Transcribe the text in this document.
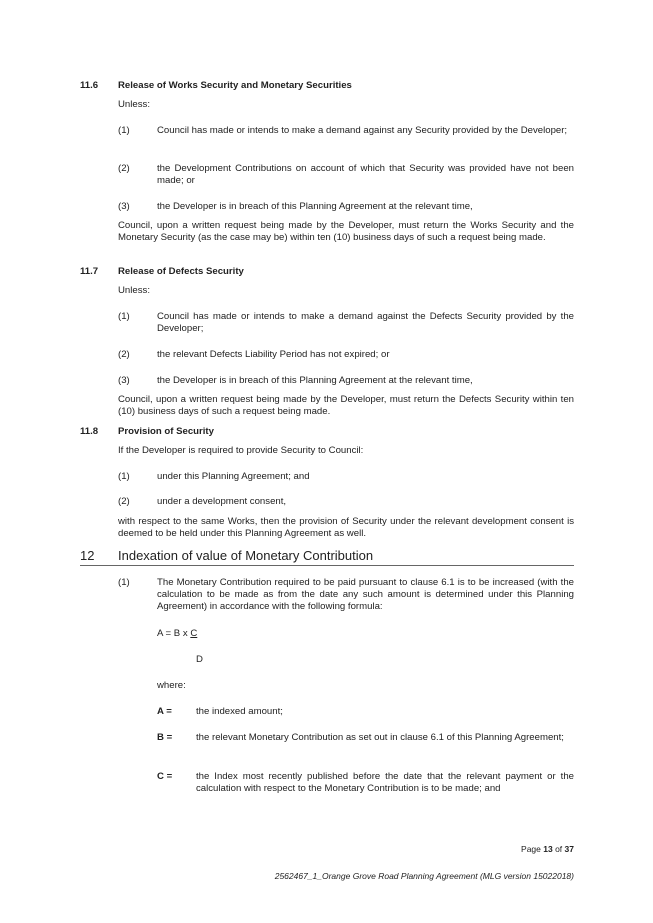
11.6 Release of Works Security and Monetary Securities
Unless:
(1)	Council has made or intends to make a demand against any Security provided by the Developer;
(2)	the Development Contributions on account of which that Security was provided have not been made; or
(3)	the Developer is in breach of this Planning Agreement at the relevant time,
Council, upon a written request being made by the Developer, must return the Works Security and the Monetary Security (as the case may be) within ten (10) business days of such a request being made.
11.7 Release of Defects Security
Unless:
(1)	Council has made or intends to make a demand against the Defects Security provided by the Developer;
(2)	the relevant Defects Liability Period has not expired; or
(3)	the Developer is in breach of this Planning Agreement at the relevant time,
Council, upon a written request being made by the Developer, must return the Defects Security within ten (10) business days of such a request being made.
11.8 Provision of Security
If the Developer is required to provide Security to Council:
(1)	under this Planning Agreement; and
(2)	under a development consent,
with respect to the same Works, then the provision of Security under the relevant development consent is deemed to be held under this Planning Agreement as well.
12 Indexation of value of Monetary Contribution
(1)	The Monetary Contribution required to be paid pursuant to clause 6.1 is to be increased (with the calculation to be made as from the date any such amount is determined under this Planning Agreement) in accordance with the following formula:
A = B x C
D
where:
A =	the indexed amount;
B = the relevant Monetary Contribution as set out in clause 6.1 of this Planning Agreement;
C = the Index most recently published before the date that the relevant payment or the calculation with respect to the Monetary Contribution is to be made; and
Page 13 of 37
2562467_1_Orange Grove Road Planning Agreement (MLG version 15022018)
